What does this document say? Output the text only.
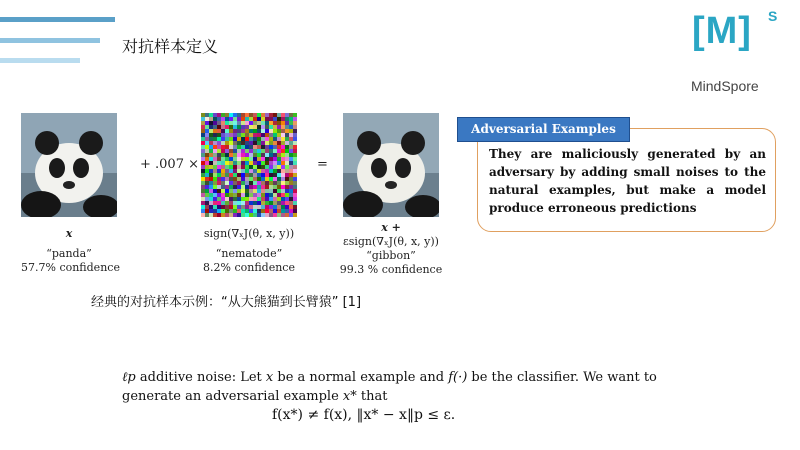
对抗样本定义	[M] S
MindSpore
+ .007 ×	=
x
“panda”
57.7% confidence
sign(∇ₓJ(θ, x, y))
“nematode”
8.2% confidence
x +
εsign(∇ₓJ(θ, x, y))
“gibbon”
99.3 % confidence
经典的对抗样本示例：“从大熊猫到长臂猿” [1]
Adversarial Examples
They are maliciously generated by an adversary by adding small noises to the natural examples, but make a model produce erroneous predictions
ℓp additive noise: Let x be a normal example and f(·) be the classifier. We want to generate an adversarial example x* that
f(x*) ≠ f(x), ‖x* − x‖p ≤ ε.
